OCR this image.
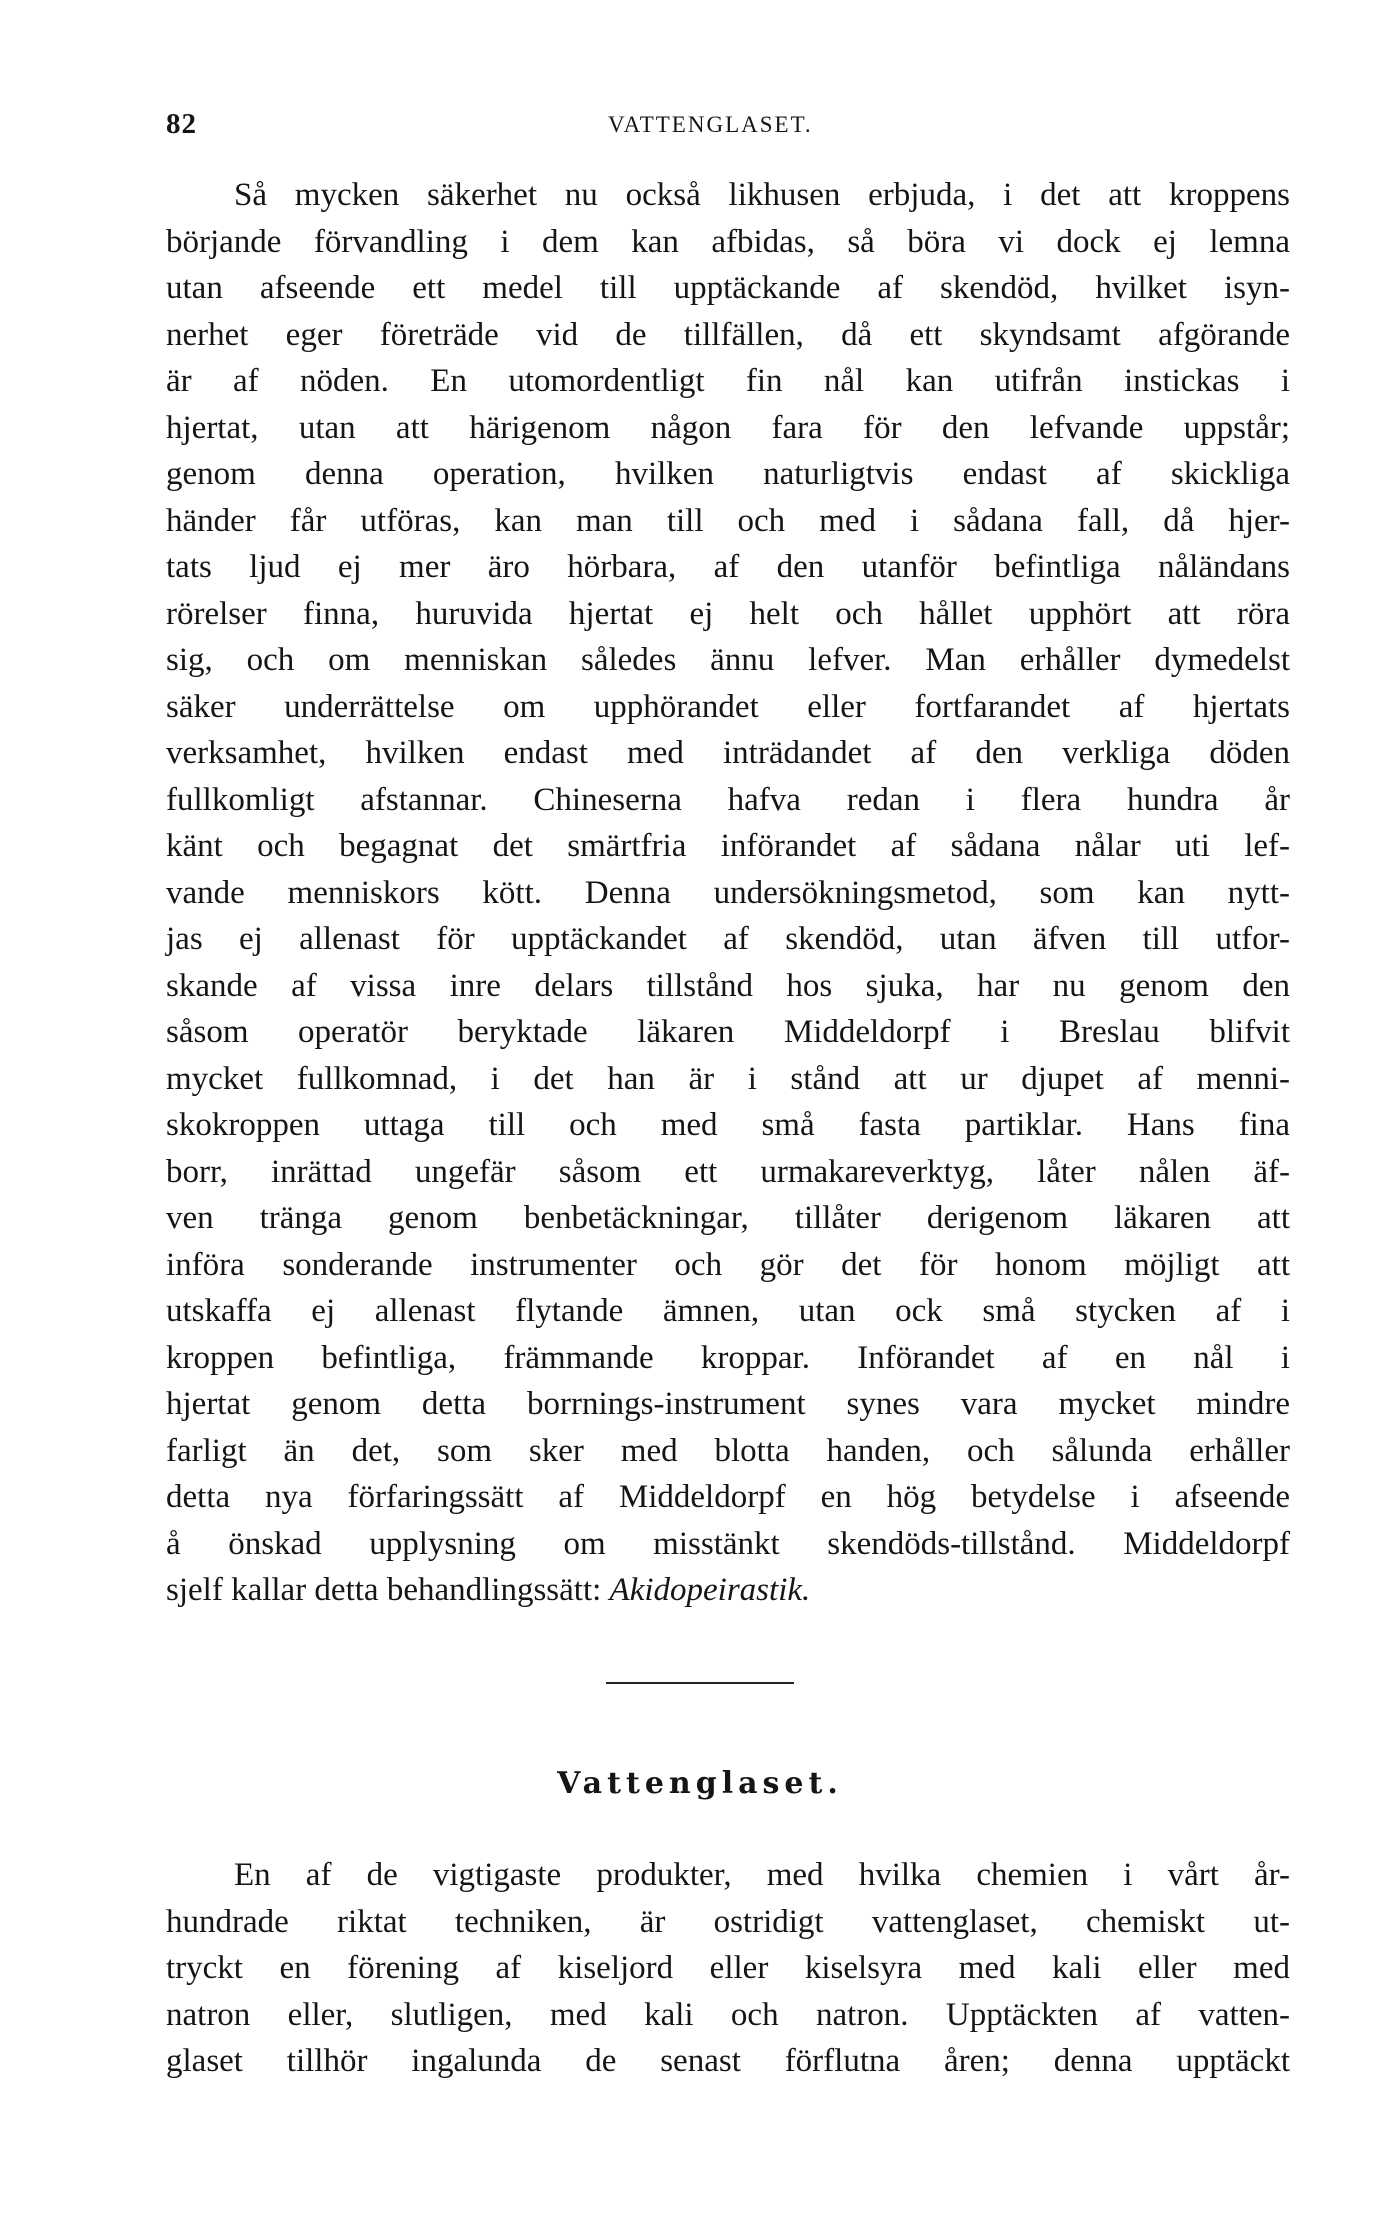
82	VATTENGLASET.
Så mycken säkerhet nu också likhusen erbjuda, i det att kroppens
börjande förvandling i dem kan afbidas, så böra vi dock ej lemna
utan afseende ett medel till upptäckande af skendöd, hvilket isyn-
nerhet eger företräde vid de tillfällen, då ett skyndsamt afgörande
är af nöden. En utomordentligt fin nål kan utifrån instickas i
hjertat, utan att härigenom någon fara för den lefvande uppstår;
genom denna operation, hvilken naturligtvis endast af skickliga
händer får utföras, kan man till och med i sådana fall, då hjer-
tats ljud ej mer äro hörbara, af den utanför befintliga nåländans
rörelser finna, huruvida hjertat ej helt och hållet upphört att röra
sig, och om menniskan således ännu lefver. Man erhåller dymedelst
säker underrättelse om upphörandet eller fortfarandet af hjertats
verksamhet, hvilken endast med inträdandet af den verkliga döden
fullkomligt afstannar. Chineserna hafva redan i flera hundra år
känt och begagnat det smärtfria införandet af sådana nålar uti lef-
vande menniskors kött. Denna undersökningsmetod, som kan nytt-
jas ej allenast för upptäckandet af skendöd, utan äfven till utfor-
skande af vissa inre delars tillstånd hos sjuka, har nu genom den
såsom operatör beryktade läkaren Middeldorpf i Breslau blifvit
mycket fullkomnad, i det han är i stånd att ur djupet af menni-
skokroppen uttaga till och med små fasta partiklar. Hans fina
borr, inrättad ungefär såsom ett urmakareverktyg, låter nålen äf-
ven tränga genom benbetäckningar, tillåter derigenom läkaren att
införa sonderande instrumenter och gör det för honom möjligt att
utskaffa ej allenast flytande ämnen, utan ock små stycken af i
kroppen befintliga, främmande kroppar. Införandet af en nål i
hjertat genom detta borrnings-instrument synes vara mycket mindre
farligt än det, som sker med blotta handen, och sålunda erhåller
detta nya förfaringssätt af Middeldorpf en hög betydelse i afseende
å önskad upplysning om misstänkt skendöds-tillstånd. Middeldorpf
sjelf kallar detta behandlingssätt: Akidopeirastik.
Vattenglaset.
En af de vigtigaste produkter, med hvilka chemien i vårt år-
hundrade riktat techniken, är ostridigt vattenglaset, chemiskt ut-
tryckt en förening af kiseljord eller kiselsyra med kali eller med
natron eller, slutligen, med kali och natron. Upptäckten af vatten-
glaset tillhör ingalunda de senast förflutna åren; denna upptäckt
